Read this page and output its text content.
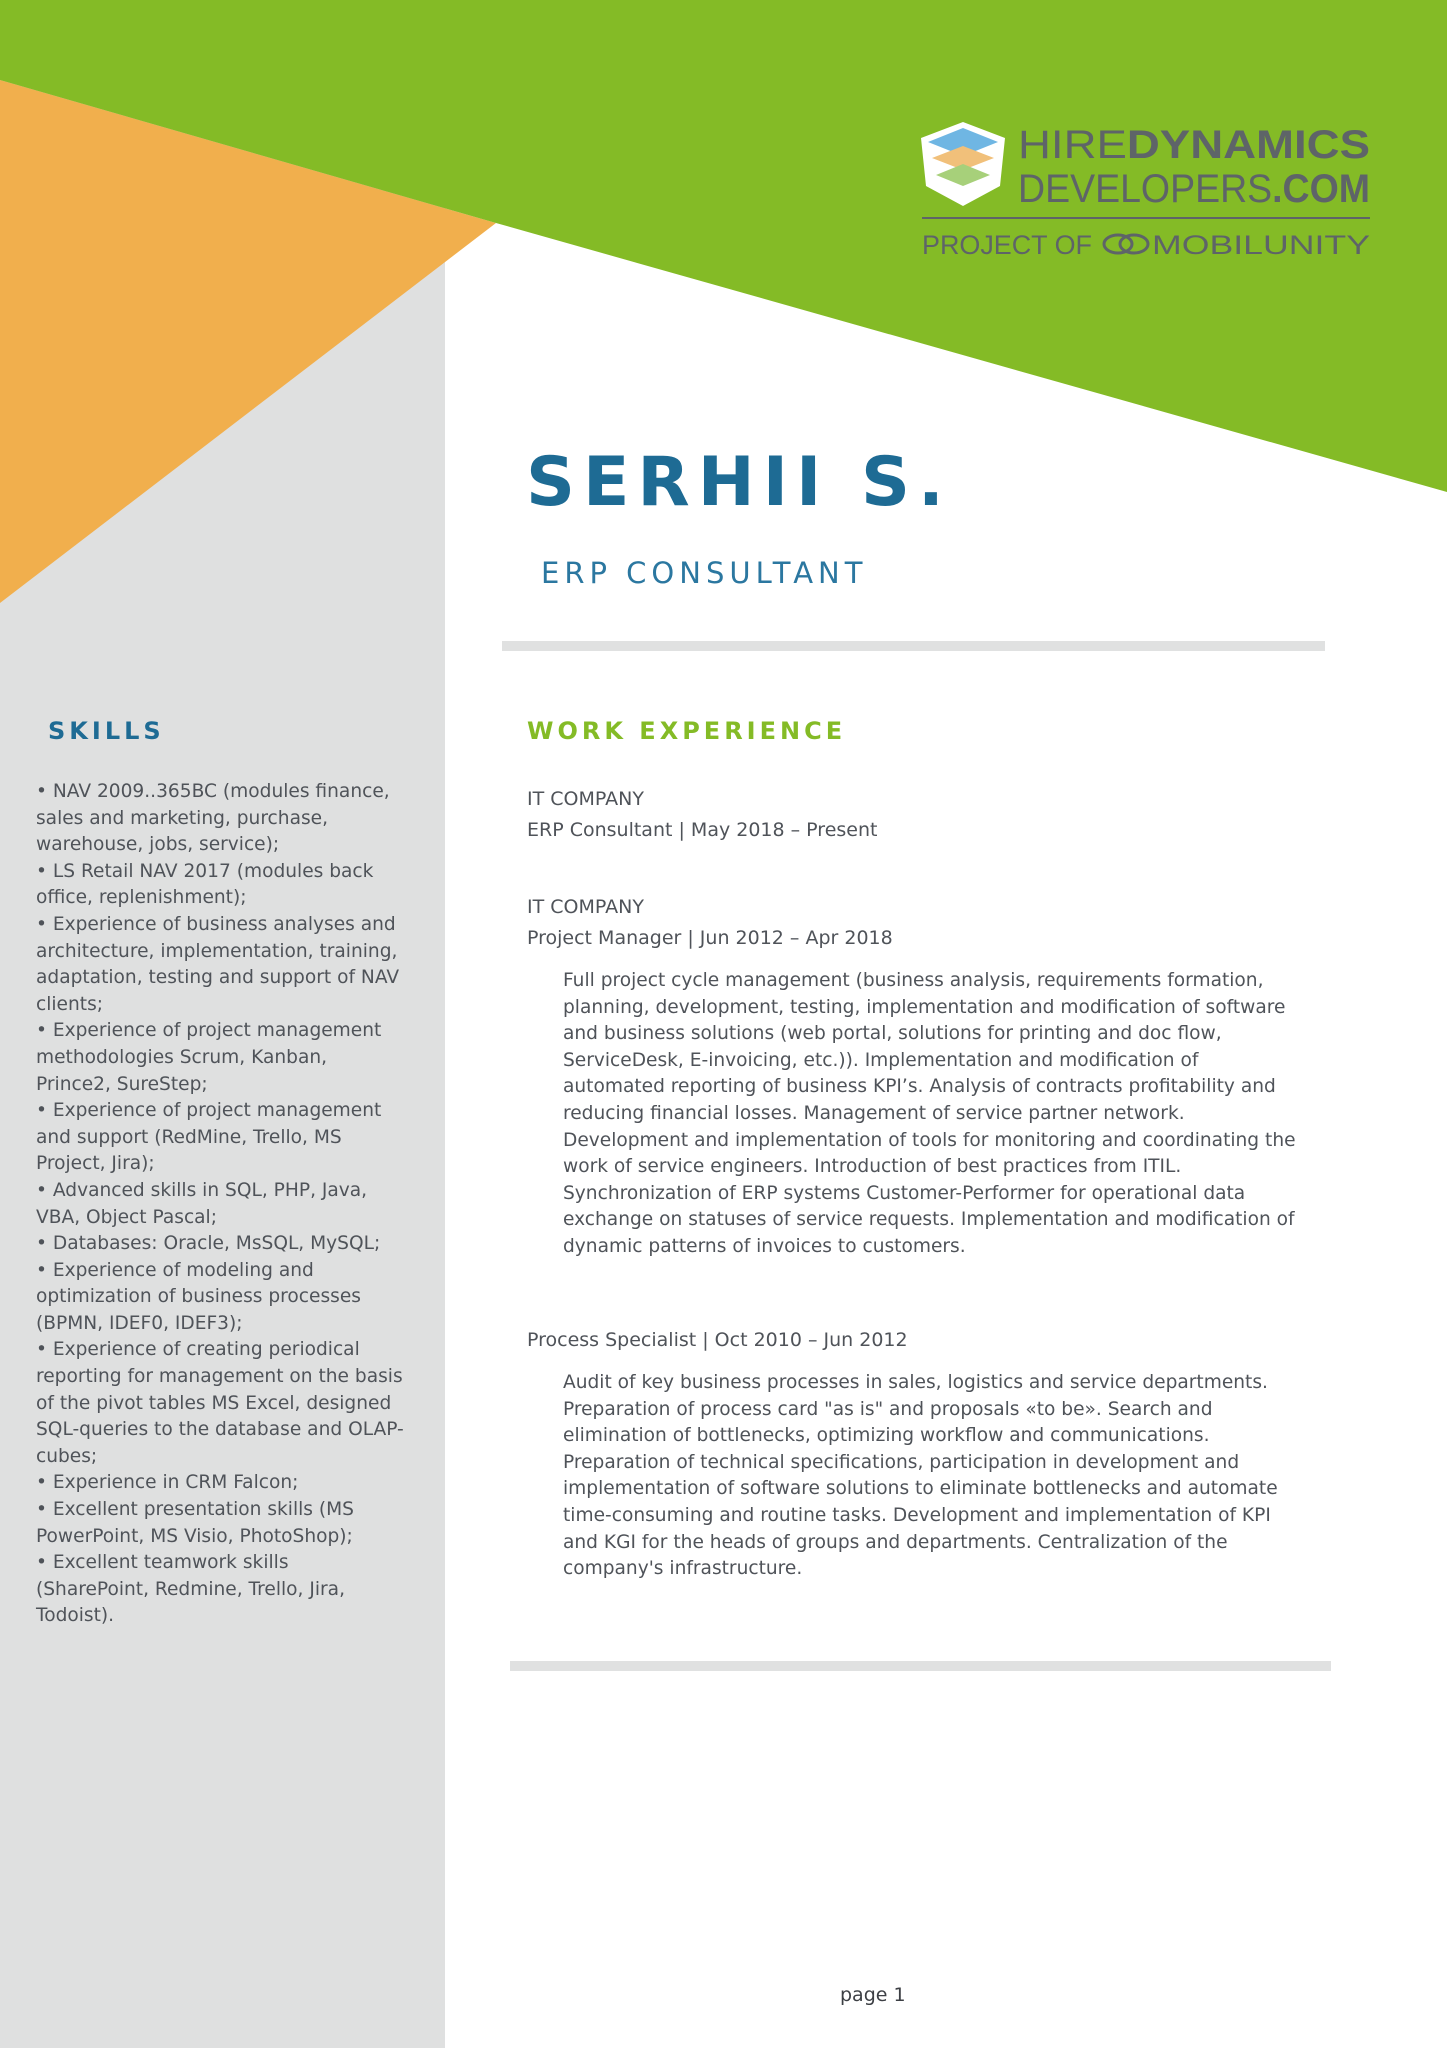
HIRE DYNAMICS
DEVELOPERS.COM
PROJECT OF MOBILUNITY
SERHII S.
ERP CONSULTANT
SKILLS
• NAV 2009..365BC (modules finance, sales and marketing, purchase, warehouse, jobs, service);
• LS Retail NAV 2017 (modules back office, replenishment);
• Experience of business analyses and architecture, implementation, training, adaptation, testing and support of NAV clients;
• Experience of project management methodologies Scrum, Kanban, Prince2, SureStep;
• Experience of project management and support (RedMine, Trello, MS Project, Jira);
• Advanced skills in SQL, PHP, Java, VBA, Object Pascal;
• Databases: Oracle, MsSQL, MySQL;
• Experience of modeling and optimization of business processes (BPMN, IDEF0, IDEF3);
• Experience of creating periodical reporting for management on the basis of the pivot tables MS Excel, designed SQL-queries to the database and OLAP-cubes;
• Experience in CRM Falcon;
• Excellent presentation skills (MS PowerPoint, MS Visio, PhotoShop);
• Excellent teamwork skills (SharePoint, Redmine, Trello, Jira, Todoist).
WORK EXPERIENCE
IT COMPANY
ERP Consultant | May 2018 – Present
IT COMPANY
Project Manager | Jun 2012 – Apr 2018

Full project cycle management (business analysis, requirements formation, planning, development, testing, implementation and modification of software and business solutions (web portal, solutions for printing and doc flow, ServiceDesk, E-invoicing, etc.)). Implementation and modification of automated reporting of business KPI’s. Analysis of contracts profitability and reducing financial losses. Management of service partner network. Development and implementation of tools for monitoring and coordinating the work of service engineers. Introduction of best practices from ITIL. Synchronization of ERP systems Customer-Performer for operational data exchange on statuses of service requests. Implementation and modification of dynamic patterns of invoices to customers.

Process Specialist | Oct 2010 – Jun 2012

Audit of key business processes in sales, logistics and service departments. Preparation of process card "as is" and proposals «to be». Search and elimination of bottlenecks, optimizing workflow and communications. Preparation of technical specifications, participation in development and implementation of software solutions to eliminate bottlenecks and automate time-consuming and routine tasks. Development and implementation of KPI and KGI for the heads of groups and departments. Centralization of the company's infrastructure.

page 1
